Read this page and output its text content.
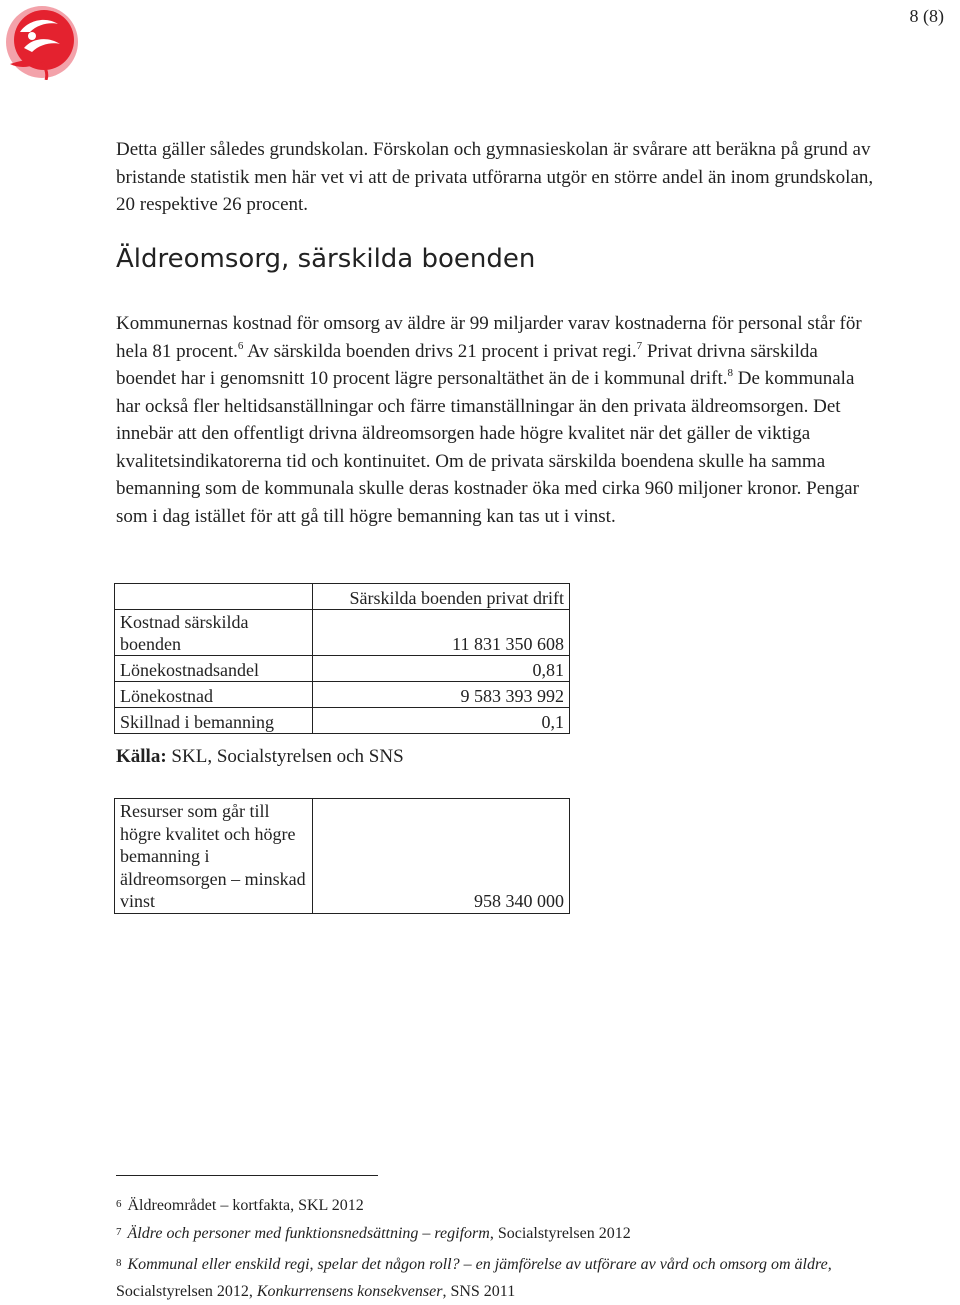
8 (8)

Detta gäller således grundskolan. Förskolan och gymnasieskolan är svårare att beräkna på grund av bristande statistik men här vet vi att de privata utförarna utgör en större andel än inom grundskolan, 20 respektive 26 procent.

Äldreomsorg, särskilda boenden

Kommunernas kostnad för omsorg av äldre är 99 miljarder varav kostnaderna för personal står för hela 81 procent.$^6$ Av särskilda boenden drivs 21 procent i privat regi.$^7$ Privat drivna särskilda boendet har i genomsnitt 10 procent lägre personaltäthet än de i kommunal drift.$^8$ De kommunala har också fler heltidsanställningar och färre timanställningar än den privata äldreomsorgen. Det innebär att den offentligt drivna äldreomsorgen hade högre kvalitet när det gäller de viktiga kvalitetsindikatorerna tid och kontinuitet. Om de privata särskilda boendena skulle ha samma bemanning som de kommunala skulle deras kostnader öka med cirka 960 miljoner kronor. Pengar som i dag istället för att gå till högre bemanning kan tas ut i vinst.

	Särskilda boenden privat drift
Kostnad särskilda boenden	11 831 350 608
Lönekostnadsandel	0,81
Lönekostnad	9 583 393 992
Skillnad i bemanning	0,1
Källa: SKL, Socialstyrelsen och SNS
Resurser som går till högre kvalitet och högre bemanning i äldreomsorgen – minskad vinst	958 340 000
6 Äldreområdet – kortfakta, SKL 2012
7 Äldre och personer med funktionsnedsättning – regiform, Socialstyrelsen 2012
8 Kommunal eller enskild regi, spelar det någon roll? – en jämförelse av utförare av vård och omsorg om äldre, Socialstyrelsen 2012, Konkurrensens konsekvenser, SNS 2011
